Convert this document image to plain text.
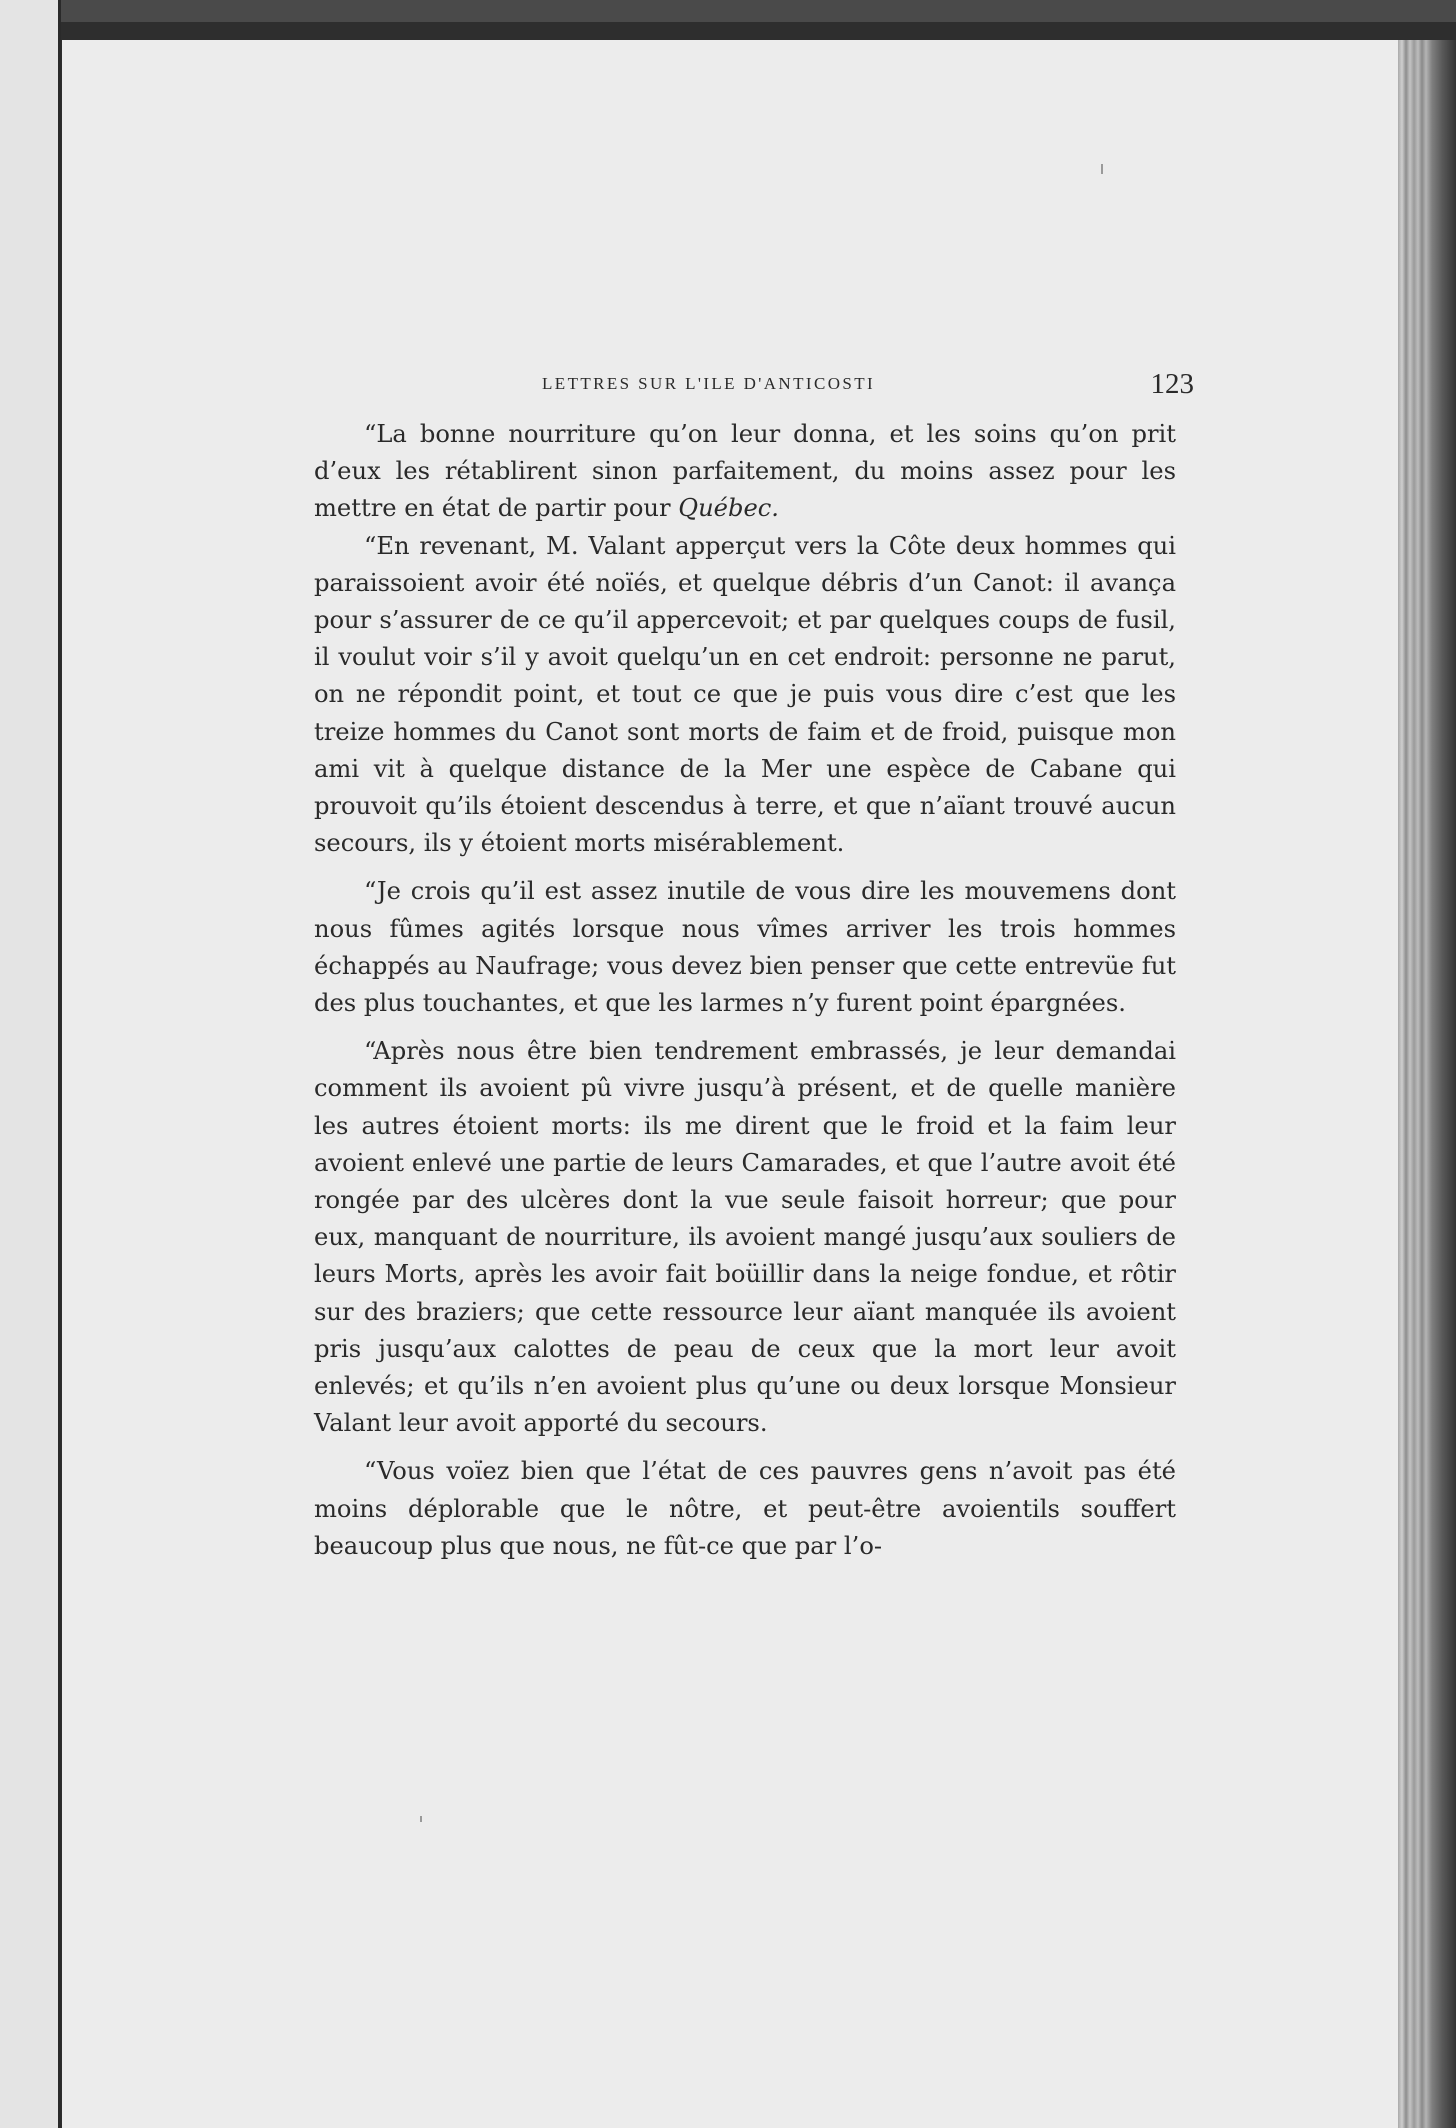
LETTRES SUR L'ILE D'ANTICOSTI	123

“La bonne nourriture qu’on leur donna, et les soins qu’on prit d’eux les rétablirent sinon parfaitement, du moins assez pour les mettre en état de partir pour Québec.

“En revenant, M. Valant apperçut vers la Côte deux hommes qui paraissoient avoir été noïés, et quelque débris d’un Canot: il avança pour s’assurer de ce qu’il appercevoit; et par quelques coups de fusil, il voulut voir s’il y avoit quelqu’un en cet endroit: personne ne parut, on ne répondit point, et tout ce que je puis vous dire c’est que les treize hommes du Canot sont morts de faim et de froid, puisque mon ami vit à quelque distance de la Mer une espèce de Cabane qui prouvoit qu’ils étoient descendus à terre, et que n’aïant trouvé aucun secours, ils y étoient morts misérablement.

“Je crois qu’il est assez inutile de vous dire les mouvemens dont nous fûmes agités lorsque nous vîmes arriver les trois hommes échappés au Naufrage; vous devez bien penser que cette entrevüe fut des plus touchantes, et que les larmes n’y furent point épargnées.

“Après nous être bien tendrement embrassés, je leur demandai comment ils avoient pû vivre jusqu’à présent, et de quelle manière les autres étoient morts: ils me dirent que le froid et la faim leur avoient enlevé une partie de leurs Camarades, et que l’autre avoit été rongée par des ulcères dont la vue seule faisoit horreur; que pour eux, manquant de nourriture, ils avoient mangé jusqu’aux souliers de leurs Morts, après les avoir fait boüillir dans la neige fondue, et rôtir sur des braziers; que cette ressource leur aïant manquée ils avoient pris jusqu’aux calottes de peau de ceux que la mort leur avoit enlevés; et qu’ils n’en avoient plus qu’une ou deux lorsque Monsieur Valant leur avoit apporté du secours.

“Vous voïez bien que l’état de ces pauvres gens n’avoit pas été moins déplorable que le nôtre, et peut-être avoientils souffert beaucoup plus que nous, ne fût-ce que par l’o-
